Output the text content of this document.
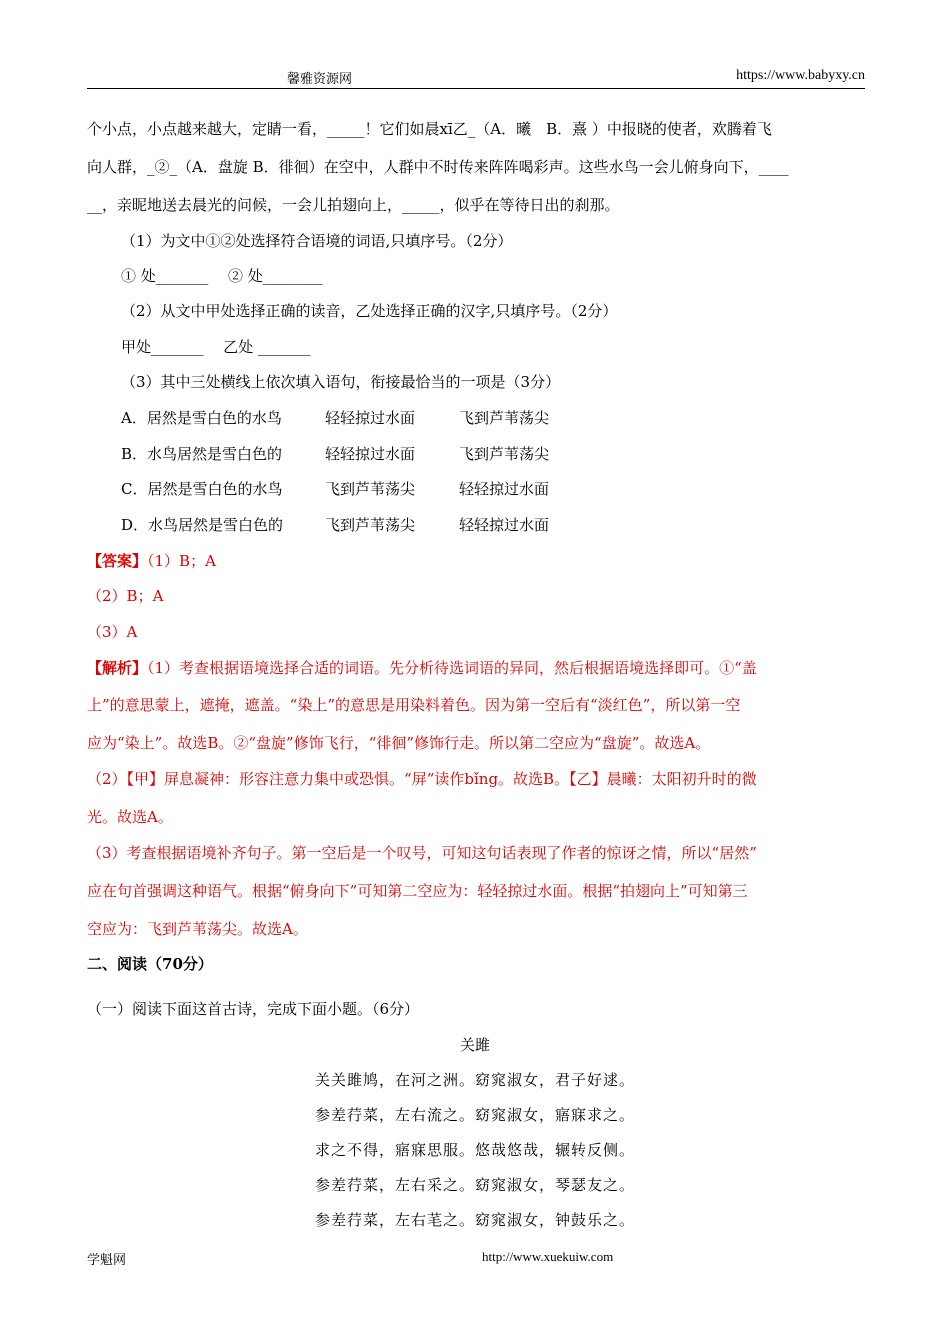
馨雅资源网	https://www.babyxy.cn
个小点，小点越来越大，定睛一看，_____！它们如晨xī乙_（A．曦　B．熹 ）中报晓的使者，欢腾着飞
向人群，_②_（A．盘旋 B．徘徊）在空中，人群中不时传来阵阵喝彩声。这些水鸟一会儿俯身向下，____
__，亲昵地送去晨光的问候，一会儿拍翅向上，_____，似乎在等待日出的刹那。
（1）为文中①②处选择符合语境的词语,只填序号。（2分）
① 处_______　 ② 处________
（2）从文中甲处选择正确的读音，乙处选择正确的汉字,只填序号。（2分）
甲处_______　 乙处 _______
（3）其中三处横线上依次填入语句，衔接最恰当的一项是（3分）
A．居然是雪白色的水鸟	轻轻掠过水面	飞到芦苇荡尖
B．水鸟居然是雪白色的	轻轻掠过水面	飞到芦苇荡尖
C．居然是雪白色的水鸟	飞到芦苇荡尖	轻轻掠过水面
D．水鸟居然是雪白色的	飞到芦苇荡尖	轻轻掠过水面
【答案】（1）B；A
（2）B；A
（3）A
【解析】（1）考查根据语境选择合适的词语。先分析待选词语的异同，然后根据语境选择即可。①“盖
上”的意思蒙上，遮掩，遮盖。“染上”的意思是用染料着色。因为第一空后有“淡红色”，所以第一空
应为“染上”。故选B。②“盘旋”修饰飞行，“徘徊”修饰行走。所以第二空应为“盘旋”。故选A。
（2）【甲】屏息凝神：形容注意力集中或恐惧。“屏”读作bǐng。故选B。【乙】晨曦：太阳初升时的微
光。故选A。
（3）考查根据语境补齐句子。第一空后是一个叹号，可知这句话表现了作者的惊讶之情，所以“居然”
应在句首强调这种语气。根据“俯身向下”可知第二空应为：轻轻掠过水面。根据“拍翅向上”可知第三
空应为：飞到芦苇荡尖。故选A。
二、阅读（70分）
（一）阅读下面这首古诗，完成下面小题。（6分）
关雎
关关雎鸠，在河之洲。窈窕淑女，君子好逑。
参差荇菜，左右流之。窈窕淑女，寤寐求之。
求之不得，寤寐思服。悠哉悠哉，辗转反侧。
参差荇菜，左右采之。窈窕淑女，琴瑟友之。
参差荇菜，左右芼之。窈窕淑女，钟鼓乐之。
学魁网	http://www.xuekuiw.com
